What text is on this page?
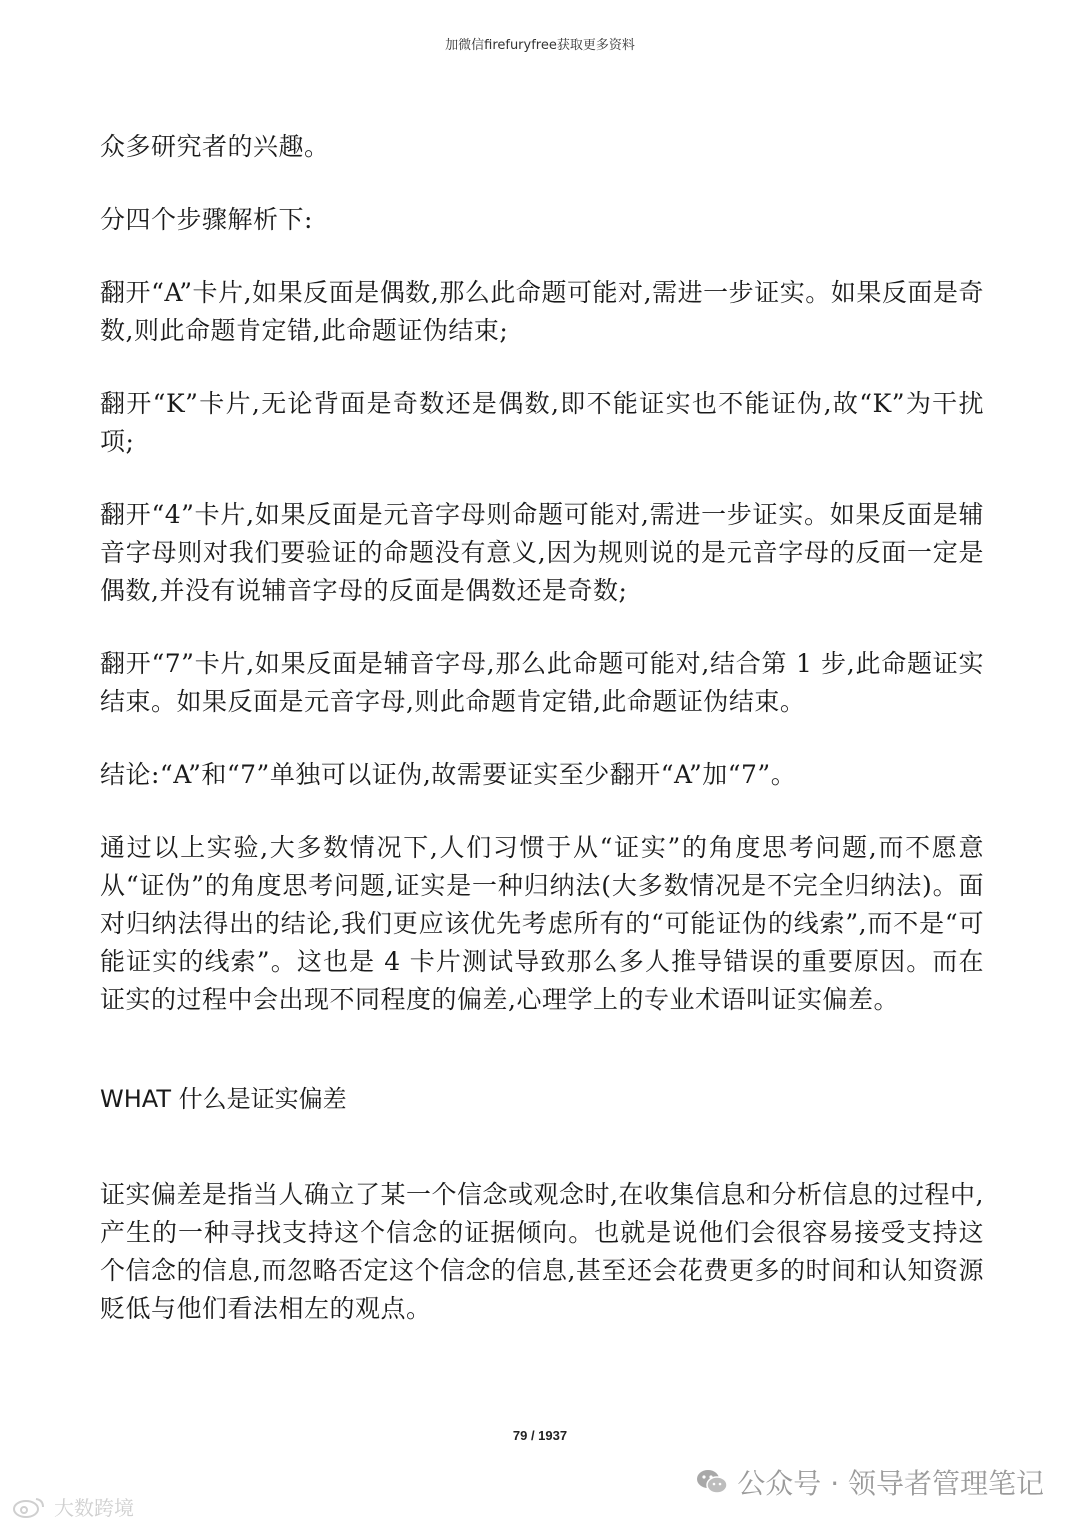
加微信firefuryfree获取更多资料

众多研究者的兴趣。

分四个步骤解析下:

翻开“A”卡片,如果反面是偶数,那么此命题可能对,需进一步证实。如果反面是奇数,则此命题肯定错,此命题证伪结束;

翻开“K”卡片,无论背面是奇数还是偶数,即不能证实也不能证伪,故“K”为干扰项;

翻开“4”卡片,如果反面是元音字母则命题可能对,需进一步证实。如果反面是辅音字母则对我们要验证的命题没有意义,因为规则说的是元音字母的反面一定是偶数,并没有说辅音字母的反面是偶数还是奇数;

翻开“7”卡片,如果反面是辅音字母,那么此命题可能对,结合第 1 步,此命题证实结束。如果反面是元音字母,则此命题肯定错,此命题证伪结束。

结论:“A”和“7”单独可以证伪,故需要证实至少翻开“A”加“7”。

通过以上实验,大多数情况下,人们习惯于从“证实”的角度思考问题,而不愿意从“证伪”的角度思考问题,证实是一种归纳法(大多数情况是不完全归纳法)。面对归纳法得出的结论,我们更应该优先考虑所有的“可能证伪的线索”,而不是“可能证实的线索”。这也是 4 卡片测试导致那么多人推导错误的重要原因。而在证实的过程中会出现不同程度的偏差,心理学上的专业术语叫证实偏差。

WHAT 什么是证实偏差

证实偏差是指当人确立了某一个信念或观念时,在收集信息和分析信息的过程中,产生的一种寻找支持这个信念的证据倾向。也就是说他们会很容易接受支持这个信念的信息,而忽略否定这个信念的信息,甚至还会花费更多的时间和认知资源贬低与他们看法相左的观点。

79 / 1937
大数跨境
公众号 · 领导者管理笔记
